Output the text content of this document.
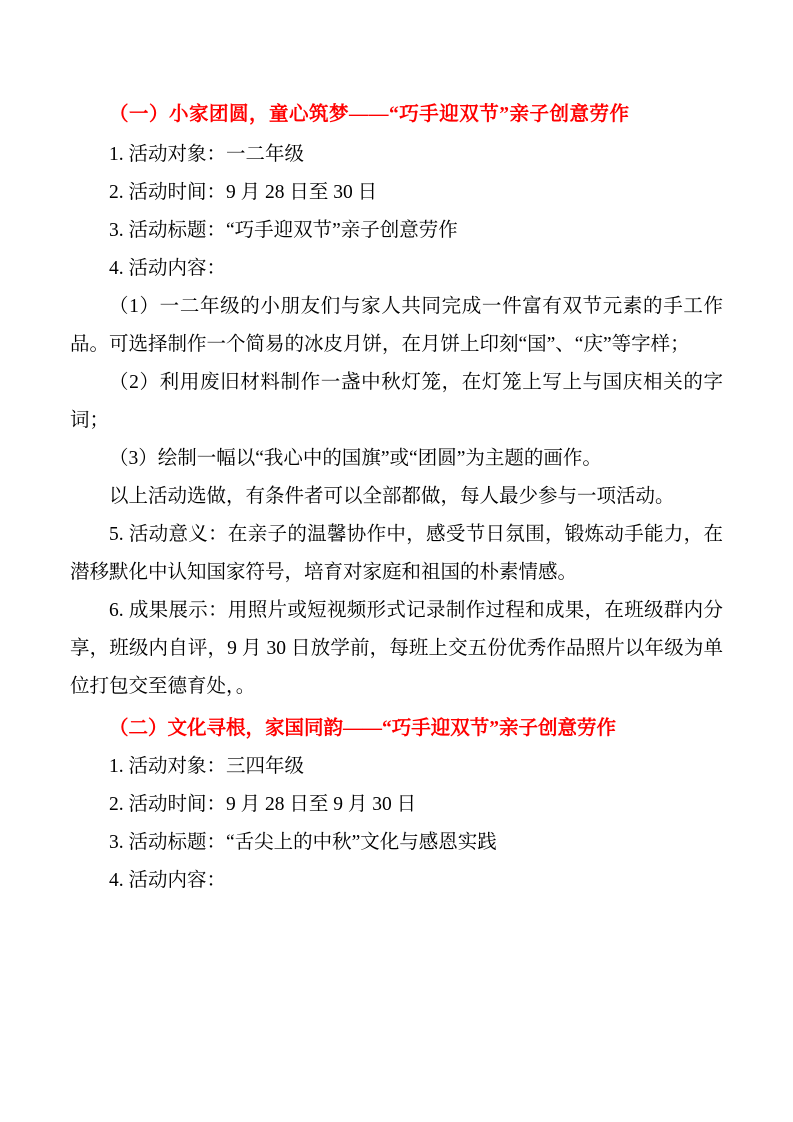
（一）小家团圆，童心筑梦——“巧手迎双节”亲子创意劳作

1. 活动对象：一二年级

2. 活动时间：9 月 28 日至 30 日

3. 活动标题：“巧手迎双节”亲子创意劳作

4. 活动内容：

（1）一二年级的小朋友们与家人共同完成一件富有双节元素的手工作品。可选择制作一个简易的冰皮月饼，在月饼上印刻“国”、“庆”等字样；

（2）利用废旧材料制作一盏中秋灯笼，在灯笼上写上与国庆相关的字词；

（3）绘制一幅以“我心中的国旗”或“团圆”为主题的画作。

以上活动选做，有条件者可以全部都做，每人最少参与一项活动。

5. 活动意义：在亲子的温馨协作中，感受节日氛围，锻炼动手能力，在潜移默化中认知国家符号，培育对家庭和祖国的朴素情感。

6. 成果展示：用照片或短视频形式记录制作过程和成果，在班级群内分享，班级内自评，9 月 30 日放学前，每班上交五份优秀作品照片以年级为单位打包交至德育处，。

（二）文化寻根，家国同韵——“巧手迎双节”亲子创意劳作

1. 活动对象：三四年级

2. 活动时间：9 月 28 日至 9 月 30 日

3. 活动标题：“舌尖上的中秋”文化与感恩实践

4. 活动内容：
